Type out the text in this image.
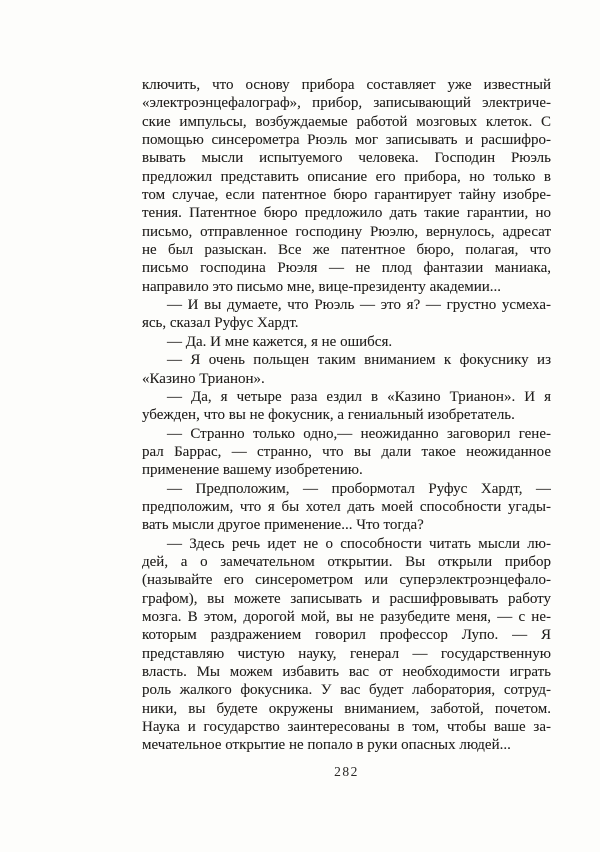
ключить, что основу прибора составляет уже известный
«электроэнцефалограф», прибор, записывающий электриче-
ские импульсы, возбуждаемые работой мозговых клеток. С
помощью синсерометра Рюэль мог записывать и расшифро-
вывать мысли испытуемого человека. Господин Рюэль
предложил представить описание его прибора, но только в
том случае, если патентное бюро гарантирует тайну изобре-
тения. Патентное бюро предложило дать такие гарантии, но
письмо, отправленное господину Рюэлю, вернулось, адресат
не был разыскан. Все же патентное бюро, полагая, что
письмо господина Рюэля — не плод фантазии маниака,
направило это письмо мне, вице-президенту академии...
— И вы думаете, что Рюэль — это я? — грустно усмеха-
ясь, сказал Руфус Хардт.
— Да. И мне кажется, я не ошибся.
— Я очень польщен таким вниманием к фокуснику из
«Казино Трианон».
— Да, я четыре раза ездил в «Казино Трианон». И я
убежден, что вы не фокусник, а гениальный изобретатель.
— Странно только одно,— неожиданно заговорил гене-
рал Баррас, — странно, что вы дали такое неожиданное
применение вашему изобретению.
— Предположим, — пробормотал Руфус Хардт, —
предположим, что я бы хотел дать моей способности угады-
вать мысли другое применение... Что тогда?
— Здесь речь идет не о способности читать мысли лю-
дей, а о замечательном открытии. Вы открыли прибор
(называйте его синсерометром или суперэлектроэнцефало-
графом), вы можете записывать и расшифровывать работу
мозга. В этом, дорогой мой, вы не разубедите меня, — с не-
которым раздражением говорил профессор Лупо. — Я
представляю чистую науку, генерал — государственную
власть. Мы можем избавить вас от необходимости играть
роль жалкого фокусника. У вас будет лаборатория, сотруд-
ники, вы будете окружены вниманием, заботой, почетом.
Наука и государство заинтересованы в том, чтобы ваше за-
мечательное открытие не попало в руки опасных людей...
282
